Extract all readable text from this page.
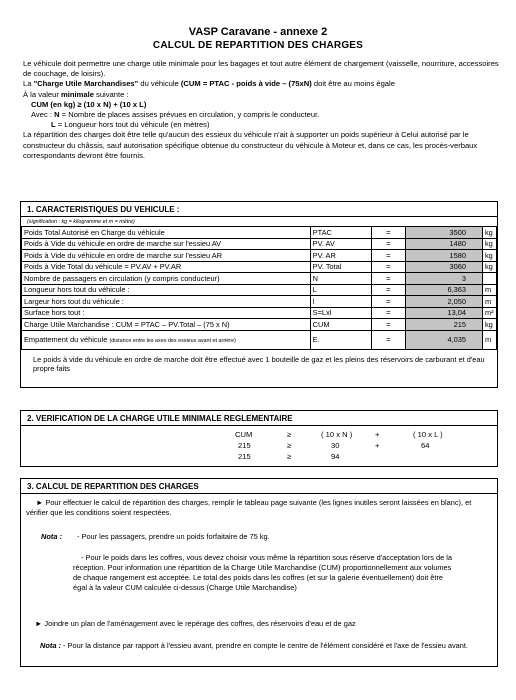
VASP Caravane - annexe 2
CALCUL DE REPARTITION DES CHARGES

Le véhicule doit permettre une charge utile minimale pour les bagages et tout autre élément de chargement (vaisselle, nourriture, accessoires de couchage, de loisirs).

La "Charge Utile Marchandises" du véhicule (CUM = PTAC - poids à vide – (75xN) doit être au moins égale

À la valeur minimale suivante :

CUM (en kg) ≥ (10 x N) + (10 x L)

Avec : N = Nombre de places assises prévues en circulation, y compris le conducteur.

L = Longueur hors tout du véhicule (en mètres)

La répartition des charges doit être telle qu'aucun des essieux du véhicule n'ait à supporter un poids supérieur à Celui autorisé par le constructeur du châssis, sauf autorisation spécifique obtenue du constructeur du véhicule à Moteur et, dans ce cas, les procès-verbaux correspondants devront être fournis.

1. CARACTERISTIQUES DU VEHICULE :
(signification : kg = kilogramme et m = mètre)
Poids Total Autorisé en Charge du véhicule	PTAC	=	3500	kg
Poids à Vide du véhicule en ordre de marche sur l'essieu AV	PV. AV	=	1480	kg
Poids à Vide du véhicule en ordre de marche sur l'essieu AR	PV. AR	=	1580	kg
Poids à Vide Total du véhicule = PV.AV + PV.AR	PV. Total	=	3060	kg
Nombre de passagers en circulation (y compris conducteur)	N	=	3	
Longueur hors tout du véhicule :	L	=	6,363	m
Largeur hors tout du véhicule :	l	=	2,050	m
Surface hors tout :	S=Lxl	=	13,04	m²
Charge Utile Marchandise : CUM = PTAC – PV.Total – (75 x N)	CUM	=	215	kg
Empattement du véhicule (distance entre les axes des essieux avant et arrière)	E.	=	4,035	m
Le poids à vide du véhicule en ordre de marche doit être effectué avec 1 bouteille de gaz et les pleins des réservoirs de carburant et d'eau propre faits
2. VERIFICATION DE LA CHARGE UTILE MINIMALE REGLEMENTAIRE
CUM	≥	( 10 x N )	+	( 10 x L )
215	≥	30	+	64
215	≥	94
3. CALCUL DE REPARTITION DES CHARGES
► Pour effectuer le calcul de répartition des charges, remplir le tableau page suivante (les lignes inutiles seront laissées en blanc), et vérifier que les conditions soient respectées.
Nota : - Pour les passagers, prendre un poids forfaitaire de 75 kg.
- Pour le poids dans les coffres, vous devez choisir vous même la répartition sous réserve d'acceptation lors de la réception. Pour information une répartition de la Charge Utile Marchandise (CUM) proportionnellement aux volumes de chaque rangement est acceptée. Le total des poids dans les coffres (et sur la galerie éventuellement) doit être égal à la valeur CUM calculée ci-dessus (Charge Utile Marchandise)
► Joindre un plan de l'aménagement avec le repérage des coffres, des réservoirs d'eau et de gaz
Nota : - Pour la distance par rapport à l'essieu avant, prendre en compte le centre de l'élément considéré et l'axe de l'essieu avant.
